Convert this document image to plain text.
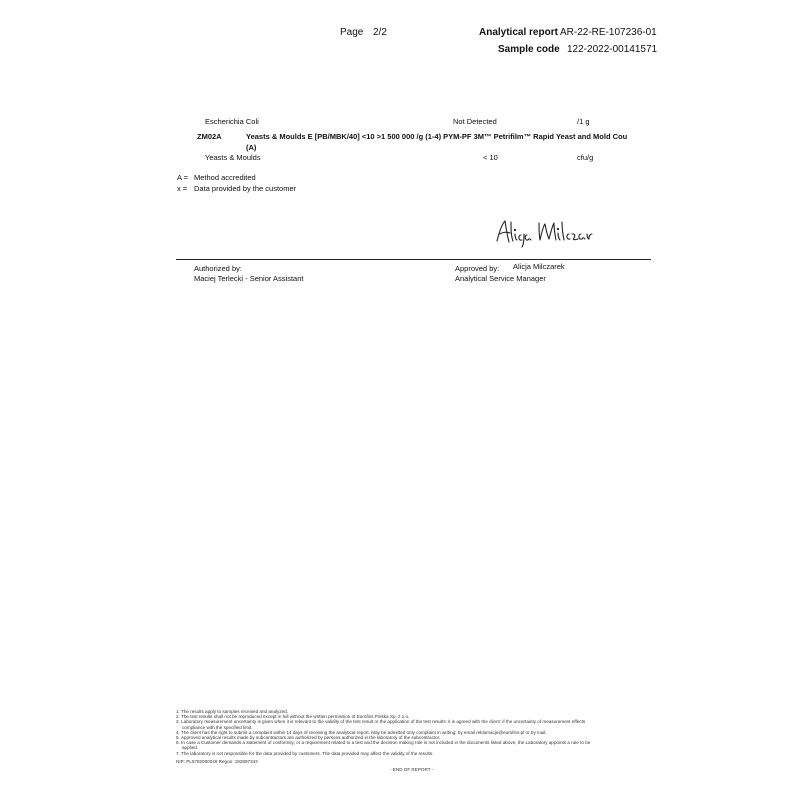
Page 2/2	Analytical report AR-22-RE-107236-01
Sample code 122-2022-00141571
Escherichia Coli	Not Detected	/1 g
ZM02A	Yeasts & Moulds E [PB/MBK/40] <10 >1 500 000 /g (1-4) PYM-PF 3M™ Petrifilm™ Rapid Yeast and Mold Cou
(A)
Yeasts & Moulds	< 10	cfu/g
A = Method accredited
x = Data provided by the customer
Authorized by:
Maciej Terlecki - Senior Assistant
Approved by: Alicja Milczarek
Analytical Service Manager
1. The results apply to samples received and analyzed.
2. The test results shall not be reproduced except in full without the written permission of Eurofins Polska Sp. z o.o.
3. Laboratory measurement uncertainty is given when it is relevant to the validity of the test result or the application of the test results: it is agreed with the client: if the uncertainty of measurement effects
compliance with the specified limit.
4. The client has the right to submit a complaint within 14 days of receiving the analytical report. May be admitted only complaint in writing: by email reklamacje@eurofins.pl or by mail.
5. Approved analytical results made by subcontractors are authorized by persons authorized in the laboratory of the subcontractor.
6. In case a Customer demands a statement of conformity, or a requirement related to a test and the decision making role is not included in the documents listed above, the Laboratory appoints a rule to be
applied.
7. The laboratory is not responsible for the data provided by customers. The data provided may affect the validity of the results.
NIP: PL5782000046 Regon: 192897343
- END OF REPORT -
